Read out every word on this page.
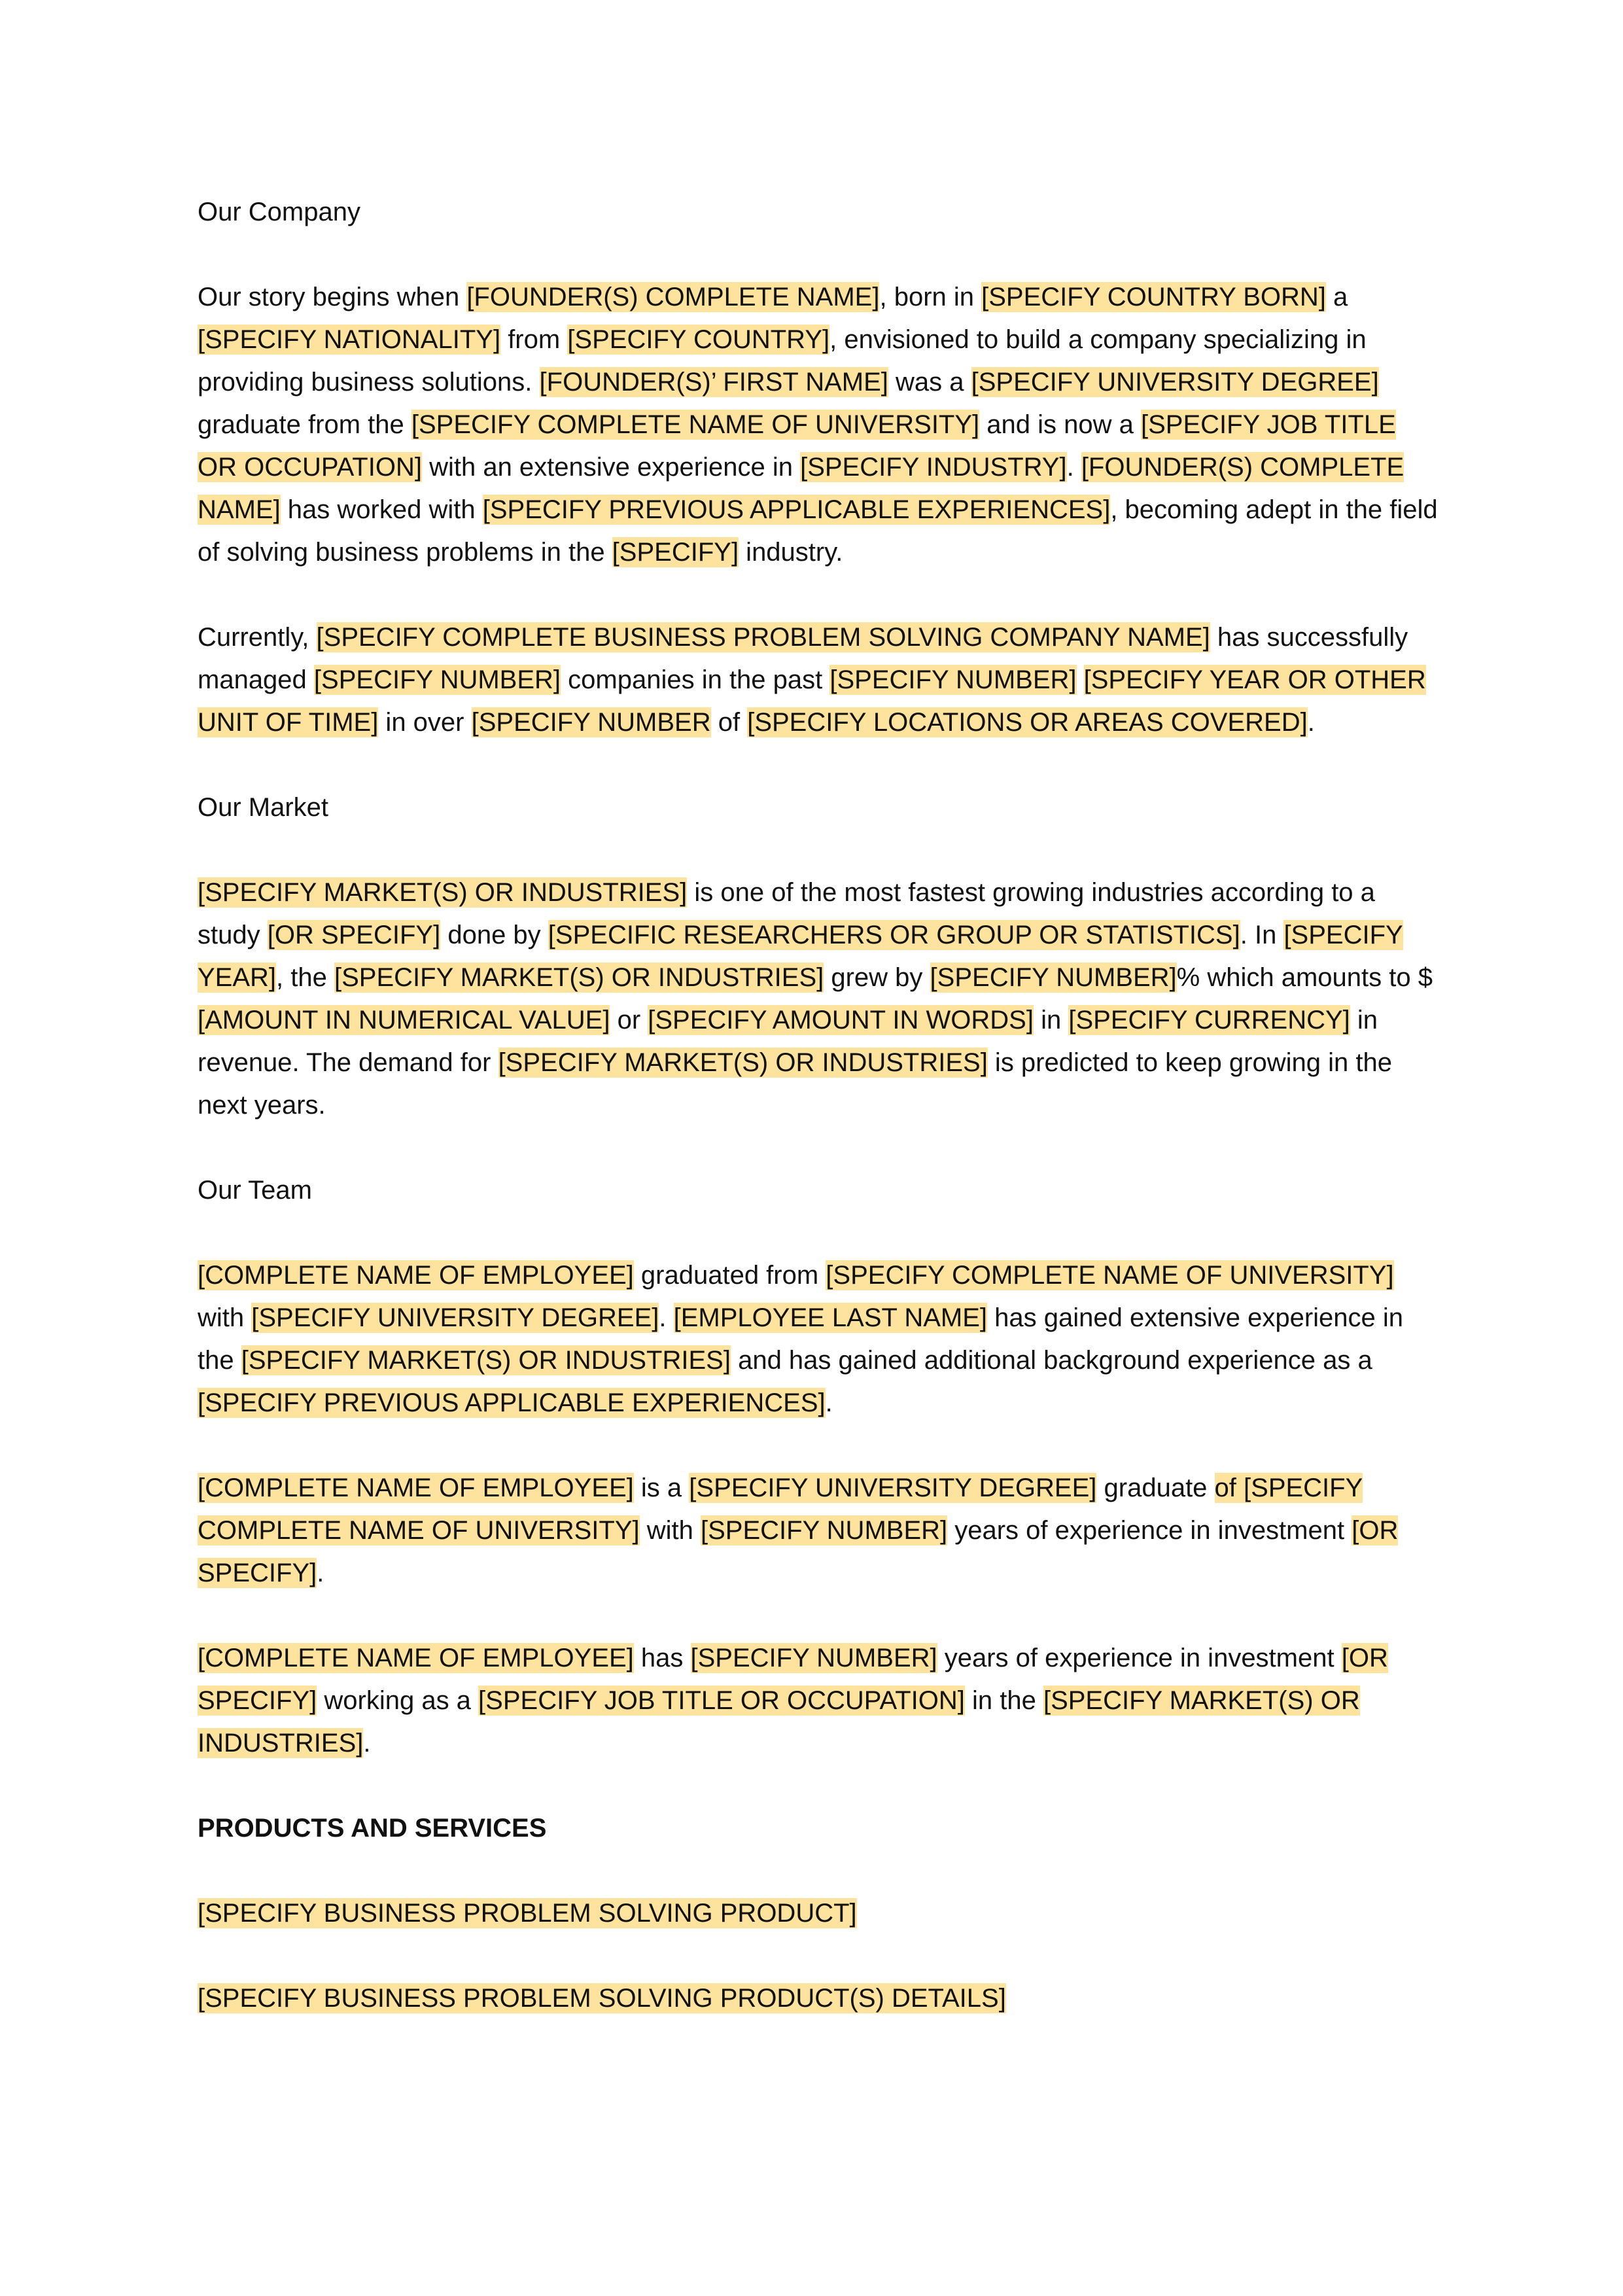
Our Company

Our story begins when [FOUNDER(S) COMPLETE NAME], born in [SPECIFY COUNTRY BORN] a [SPECIFY NATIONALITY] from [SPECIFY COUNTRY], envisioned to build a company specializing in providing business solutions. [FOUNDER(S)’ FIRST NAME] was a [SPECIFY UNIVERSITY DEGREE] graduate from the [SPECIFY COMPLETE NAME OF UNIVERSITY] and is now a [SPECIFY JOB TITLE OR OCCUPATION] with an extensive experience in [SPECIFY INDUSTRY]. [FOUNDER(S) COMPLETE NAME] has worked with [SPECIFY PREVIOUS APPLICABLE EXPERIENCES], becoming adept in the field of solving business problems in the [SPECIFY] industry.

Currently, [SPECIFY COMPLETE BUSINESS PROBLEM SOLVING COMPANY NAME] has successfully managed [SPECIFY NUMBER] companies in the past [SPECIFY NUMBER] [SPECIFY YEAR OR OTHER UNIT OF TIME] in over [SPECIFY NUMBER of [SPECIFY LOCATIONS OR AREAS COVERED].

Our Market

[SPECIFY MARKET(S) OR INDUSTRIES] is one of the most fastest growing industries according to a study [OR SPECIFY] done by [SPECIFIC RESEARCHERS OR GROUP OR STATISTICS]. In [SPECIFY YEAR], the [SPECIFY MARKET(S) OR INDUSTRIES] grew by [SPECIFY NUMBER]% which amounts to $ [AMOUNT IN NUMERICAL VALUE] or [SPECIFY AMOUNT IN WORDS] in [SPECIFY CURRENCY] in revenue. The demand for [SPECIFY MARKET(S) OR INDUSTRIES] is predicted to keep growing in the next years.

Our Team

[COMPLETE NAME OF EMPLOYEE] graduated from [SPECIFY COMPLETE NAME OF UNIVERSITY] with [SPECIFY UNIVERSITY DEGREE]. [EMPLOYEE LAST NAME] has gained extensive experience in the [SPECIFY MARKET(S) OR INDUSTRIES] and has gained additional background experience as a [SPECIFY PREVIOUS APPLICABLE EXPERIENCES].

[COMPLETE NAME OF EMPLOYEE] is a [SPECIFY UNIVERSITY DEGREE] graduate of [SPECIFY COMPLETE NAME OF UNIVERSITY] with [SPECIFY NUMBER] years of experience in investment [OR SPECIFY].

[COMPLETE NAME OF EMPLOYEE] has [SPECIFY NUMBER] years of experience in investment [OR SPECIFY] working as a [SPECIFY JOB TITLE OR OCCUPATION] in the [SPECIFY MARKET(S) OR INDUSTRIES].

PRODUCTS AND SERVICES

[SPECIFY BUSINESS PROBLEM SOLVING PRODUCT]

[SPECIFY BUSINESS PROBLEM SOLVING PRODUCT(S) DETAILS]
